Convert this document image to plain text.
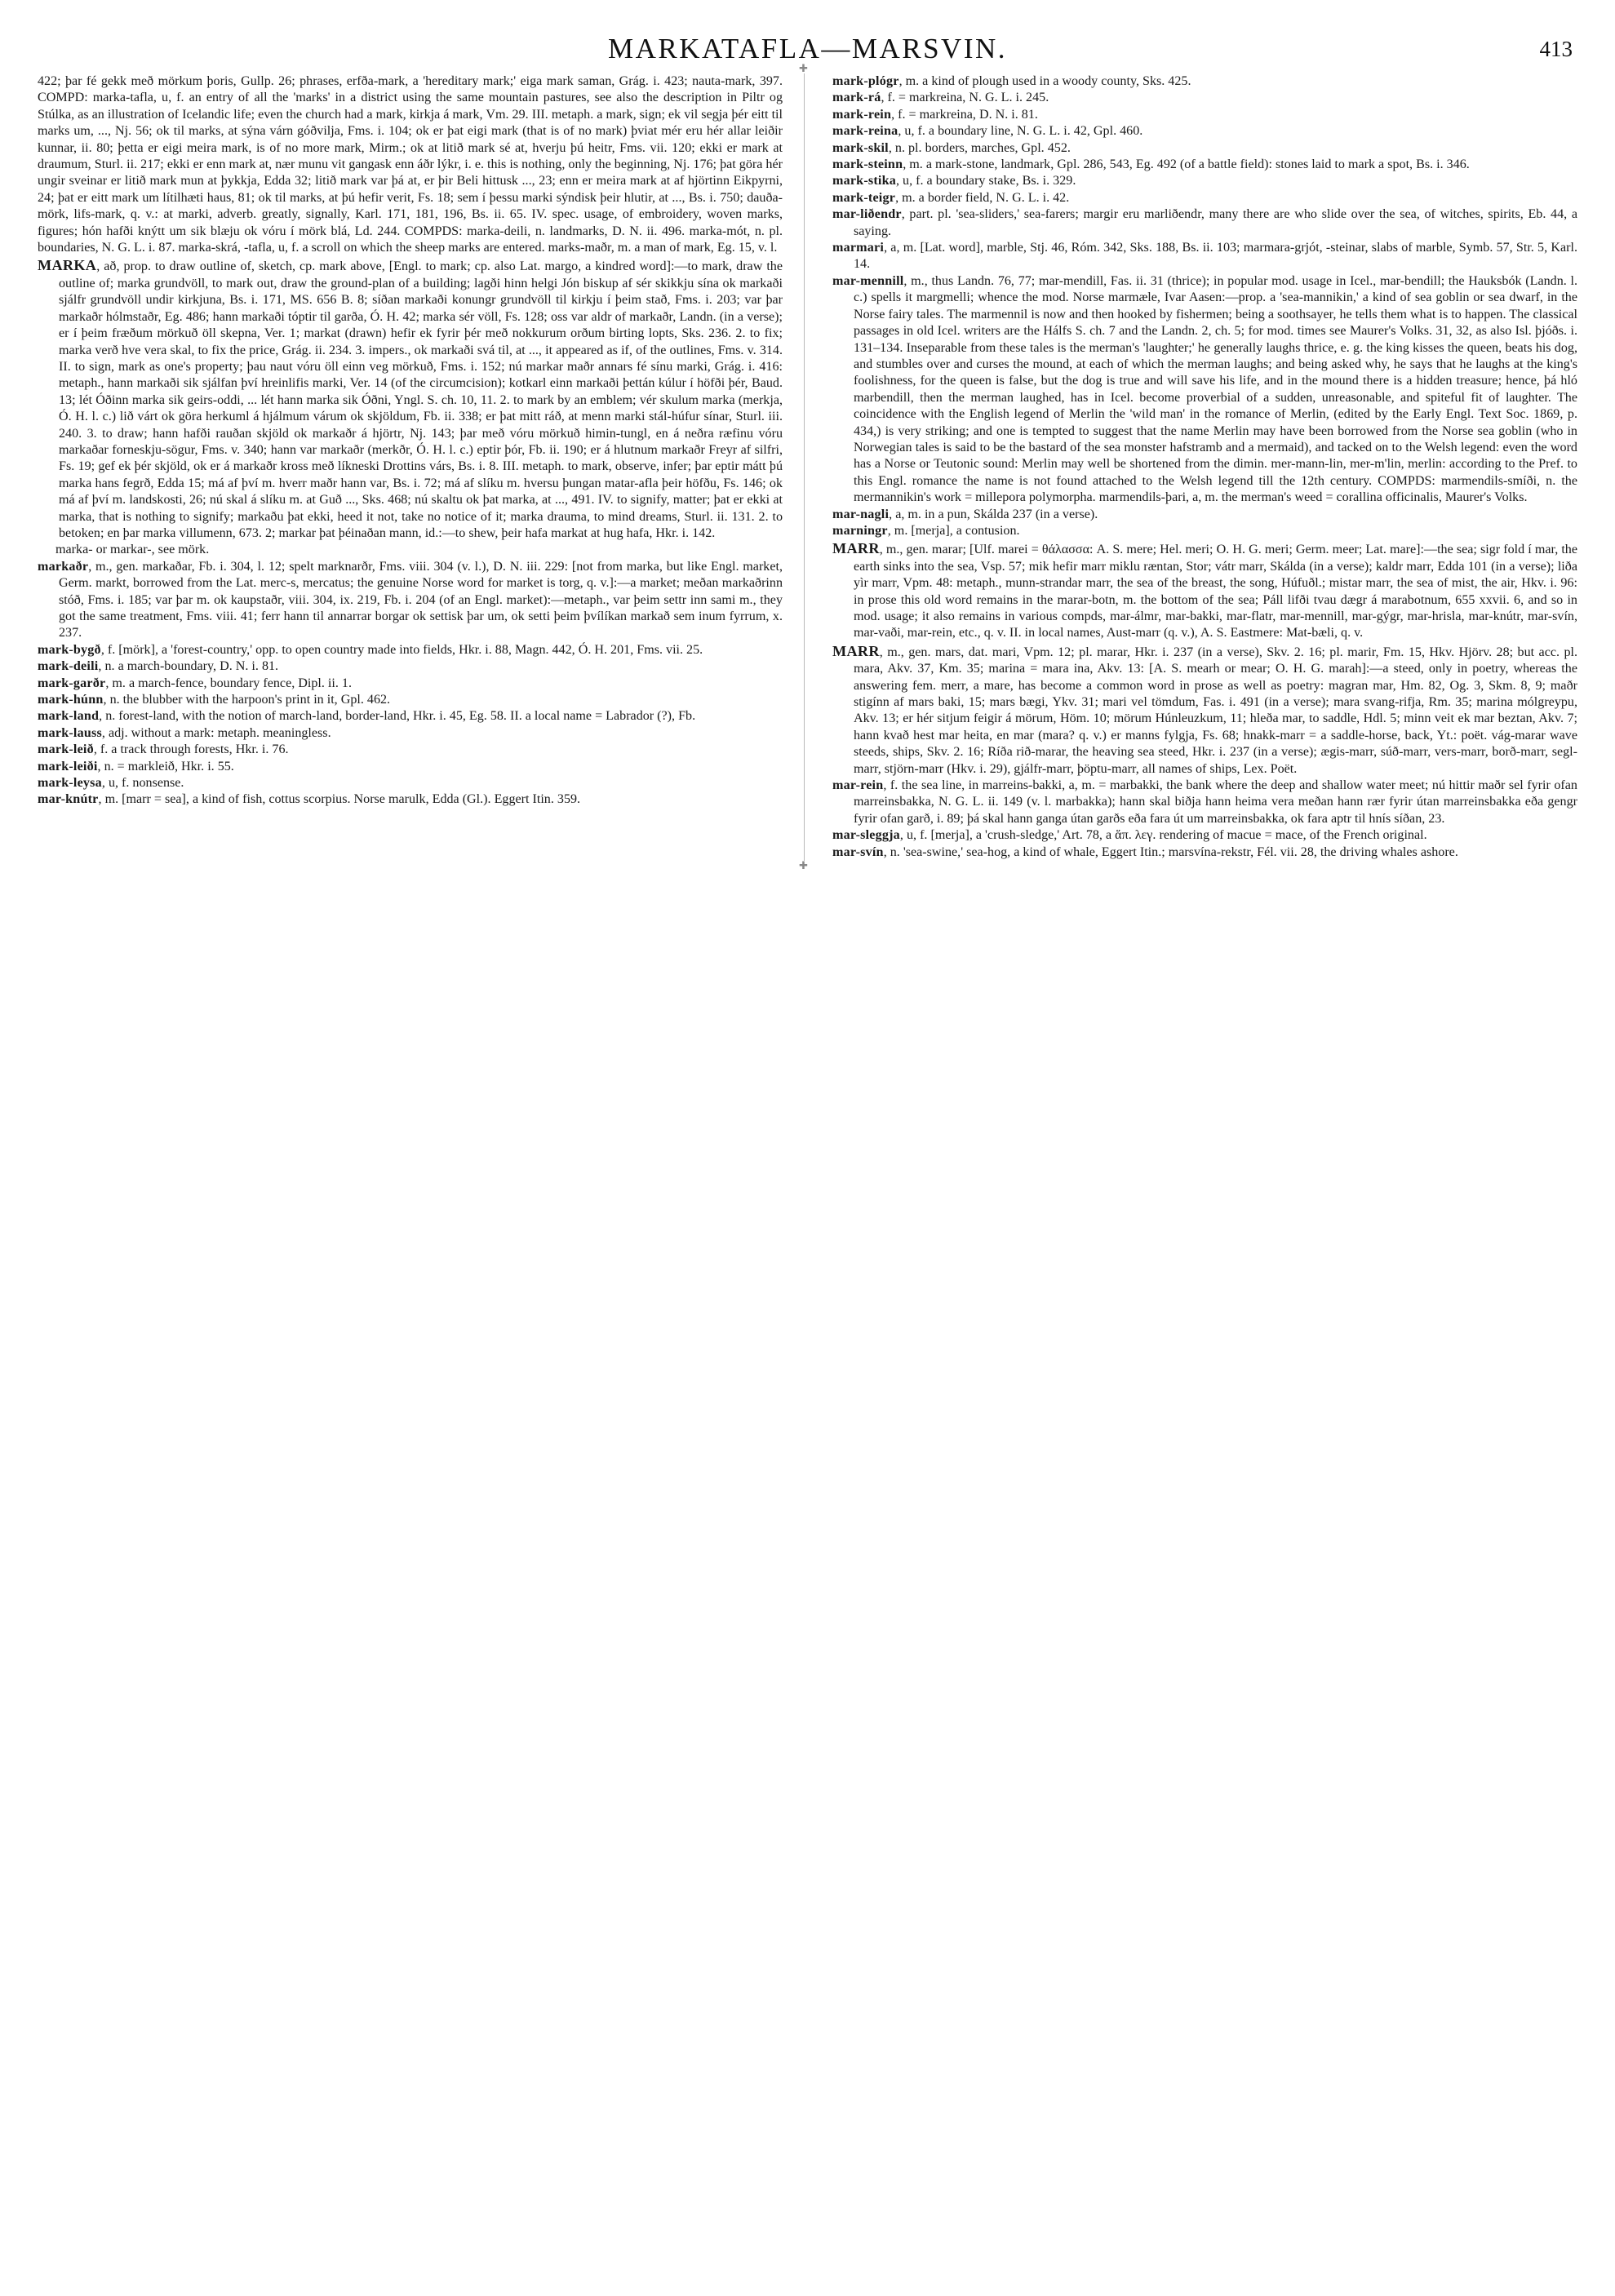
MARKATAFLA—MARSVIN.	413

422; þar fé gekk með mörkum þoris, Gullp. 26; phrases, erfða-mark, a 'hereditary mark;' eiga mark saman, Grág. i. 423; nauta-mark, 397. COMPD: marka-tafla, u, f. an entry of all the 'marks' in a district using the same mountain pastures, see also the description in Piltr og Stúlka, as an illustration of Icelandic life; even the church had a mark, kirkja á mark, Vm. 29. III. metaph. a mark, sign; ek vil segja þér eitt til marks um, ..., Nj. 56; ok til marks, at sýna várn góðvilja, Fms. i. 104; ok er þat eigi mark (that is of no mark) þviat mér eru hér allar leiðir kunnar, ii. 80; þetta er eigi meira mark, is of no more mark, Mirm.; ok at litið mark sé at, hverju þú heitr, Fms. vii. 120; ekki er mark at draumum, Sturl. ii. 217; ekki er enn mark at, nær munu vit gangask enn áðr lýkr, i. e. this is nothing, only the beginning, Nj. 176; þat göra hér ungir sveinar er litið mark mun at þykkja, Edda 32; litið mark var þá at, er þir Beli hittusk ..., 23; enn er meira mark at af hjörtinn Eikpyrni, 24; þat er eitt mark um lítilhæti haus, 81; ok til marks, at þú hefir verit, Fs. 18; sem í þessu marki sýndisk þeir hlutir, at ..., Bs. i. 750; dauða-mörk, lifs-mark, q. v.: at marki, adverb. greatly, signally, Karl. 171, 181, 196, Bs. ii. 65. IV. spec. usage, of embroidery, woven marks, figures; hón hafði knýtt um sik blæju ok vóru í mörk blá, Ld. 244. COMPDS: marka-deili, n. landmarks, D. N. ii. 496. marka-mót, n. pl. boundaries, N. G. L. i. 87. marka-skrá, -tafla, u, f. a scroll on which the sheep marks are entered. marks-maðr, m. a man of mark, Eg. 15, v. l.

MARKA, að, prop. to draw outline of, sketch, cp. mark above, [Engl. to mark; cp. also Lat. margo, a kindred word]:—to mark, draw the outline of; marka grundvöll, to mark out, draw the ground-plan of a building; lagði hinn helgi Jón biskup af sér skikkju sína ok markaði sjálfr grundvöll undir kirkjuna, Bs. i. 171, MS. 656 B. 8; síðan markaði konungr grundvöll til kirkju í þeim stað, Fms. i. 203; var þar markaðr hólmstaðr, Eg. 486; hann markaði tóptir til garða, Ó. H. 42; marka sér völl, Fs. 128; oss var aldr of markaðr, Landn. (in a verse); er í þeim fræðum mörkuð öll skepna, Ver. 1; markat (drawn) hefir ek fyrir þér með nokkurum orðum birting lopts, Sks. 236. 2. to fix; marka verð hve vera skal, to fix the price, Grág. ii. 234. 3. impers., ok markaði svá til, at ..., it appeared as if, of the outlines, Fms. v. 314. II. to sign, mark as one's property; þau naut vóru öll einn veg mörkuð, Fms. i. 152; nú markar maðr annars fé sínu marki, Grág. i. 416: metaph., hann markaði sik sjálfan því hreinlifis marki, Ver. 14 (of the circumcision); kotkarl einn markaði þettán kúlur í höfði þér, Baud. 13; lét Óðinn marka sik geirs-oddi, ... lét hann marka sik Óðni, Yngl. S. ch. 10, 11. 2. to mark by an emblem; vér skulum marka (merkja, Ó. H. l. c.) lið várt ok göra herkuml á hjálmum várum ok skjöldum, Fb. ii. 338; er þat mitt ráð, at menn marki stál-húfur sínar, Sturl. iii. 240. 3. to draw; hann hafði rauðan skjöld ok markaðr á hjörtr, Nj. 143; þar með vóru mörkuð himin-tungl, en á neðra ræfinu vóru markaðar forneskju-sögur, Fms. v. 340; hann var markaðr (merkðr, Ó. H. l. c.) eptir þór, Fb. ii. 190; er á hlutnum markaðr Freyr af silfri, Fs. 19; gef ek þér skjöld, ok er á markaðr kross með líkneski Drottins várs, Bs. i. 8. III. metaph. to mark, observe, infer; þar eptir mátt þú marka hans fegrð, Edda 15; má af því m. hverr maðr hann var, Bs. i. 72; má af slíku m. hversu þungan matar-afla þeir höfðu, Fs. 146; ok má af því m. landskosti, 26; nú skal á slíku m. at Guð ..., Sks. 468; nú skaltu ok þat marka, at ..., 491. IV. to signify, matter; þat er ekki at marka, that is nothing to signify; markaðu þat ekki, heed it not, take no notice of it; marka drauma, to mind dreams, Sturl. ii. 131. 2. to betoken; en þar marka villumenn, 673. 2; markar þat þéinaðan mann, id.:—to shew, þeir hafa markat at hug hafa, Hkr. i. 142.

marka- or markar-, see mörk.

markaðr, m., gen. markaðar, Fb. i. 304, l. 12; spelt marknarðr, Fms. viii. 304 (v. l.), D. N. iii. 229: [not from marka, but like Engl. market, Germ. markt, borrowed from the Lat. merc-s, mercatus; the genuine Norse word for market is torg, q. v.]:—a market; meðan markaðrinn stóð, Fms. i. 185; var þar m. ok kaupstaðr, viii. 304, ix. 219, Fb. i. 204 (of an Engl. market):—metaph., var þeim settr inn sami m., they got the same treatment, Fms. viii. 41; ferr hann til annarrar borgar ok settisk þar um, ok setti þeim þvílíkan markað sem inum fyrrum, x. 237.

mark-bygð, f. [mörk], a 'forest-country,' opp. to open country made into fields, Hkr. i. 88, Magn. 442, Ó. H. 201, Fms. vii. 25.

mark-deili, n. a march-boundary, D. N. i. 81.

mark-garðr, m. a march-fence, boundary fence, Dipl. ii. 1.

mark-húnn, n. the blubber with the harpoon's print in it, Gpl. 462.

mark-land, n. forest-land, with the notion of march-land, border-land, Hkr. i. 45, Eg. 58. II. a local name = Labrador (?), Fb.

mark-lauss, adj. without a mark: metaph. meaningless.

mark-leið, f. a track through forests, Hkr. i. 76.

mark-leiði, n. = markleið, Hkr. i. 55.

mark-leysa, u, f. nonsense.

mar-knútr, m. [marr = sea], a kind of fish, cottus scorpius. Norse marulk, Edda (Gl.). Eggert Itin. 359.

✚ ✚

mark-plógr, m. a kind of plough used in a woody county, Sks. 425.

mark-rá, f. = markreina, N. G. L. i. 245.

mark-rein, f. = markreina, D. N. i. 81.

mark-reina, u, f. a boundary line, N. G. L. i. 42, Gpl. 460.

mark-skil, n. pl. borders, marches, Gpl. 452.

mark-steinn, m. a mark-stone, landmark, Gpl. 286, 543, Eg. 492 (of a battle field): stones laid to mark a spot, Bs. i. 346.

mark-stika, u, f. a boundary stake, Bs. i. 329.

mark-teigr, m. a border field, N. G. L. i. 42.

mar-liðendr, part. pl. 'sea-sliders,' sea-farers; margir eru marliðendr, many there are who slide over the sea, of witches, spirits, Eb. 44, a saying.

marmari, a, m. [Lat. word], marble, Stj. 46, Róm. 342, Sks. 188, Bs. ii. 103; marmara-grjót, -steinar, slabs of marble, Symb. 57, Str. 5, Karl. 14.

mar-mennill, m., thus Landn. 76, 77; mar-mendill, Fas. ii. 31 (thrice); in popular mod. usage in Icel., mar-bendill; the Hauksbók (Landn. l. c.) spells it margmelli; whence the mod. Norse marmæle, Ivar Aasen:—prop. a 'sea-mannikin,' a kind of sea goblin or sea dwarf, in the Norse fairy tales. The marmennil is now and then hooked by fishermen; being a soothsayer, he tells them what is to happen. The classical passages in old Icel. writers are the Hálfs S. ch. 7 and the Landn. 2, ch. 5; for mod. times see Maurer's Volks. 31, 32, as also Isl. þjóðs. i. 131–134. Inseparable from these tales is the merman's 'laughter;' he generally laughs thrice, e. g. the king kisses the queen, beats his dog, and stumbles over and curses the mound, at each of which the merman laughs; and being asked why, he says that he laughs at the king's foolishness, for the queen is false, but the dog is true and will save his life, and in the mound there is a hidden treasure; hence, þá hló marbendill, then the merman laughed, has in Icel. become proverbial of a sudden, unreasonable, and spiteful fit of laughter. The coincidence with the English legend of Merlin the 'wild man' in the romance of Merlin, (edited by the Early Engl. Text Soc. 1869, p. 434,) is very striking; and one is tempted to suggest that the name Merlin may have been borrowed from the Norse sea goblin (who in Norwegian tales is said to be the bastard of the sea monster hafstramb and a mermaid), and tacked on to the Welsh legend: even the word has a Norse or Teutonic sound: Merlin may well be shortened from the dimin. mer-mann-lin, mer-m'lin, merlin: according to the Pref. to this Engl. romance the name is not found attached to the Welsh legend till the 12th century. COMPDS: marmendils-smíði, n. the mermannikin's work = millepora polymorpha. marmendils-þari, a, m. the merman's weed = corallina officinalis, Maurer's Volks.

mar-nagli, a, m. in a pun, Skálda 237 (in a verse).

marningr, m. [merja], a contusion.

MARR, m., gen. marar; [Ulf. marei = θάλασσα: A. S. mere; Hel. meri; O. H. G. meri; Germ. meer; Lat. mare]:—the sea; sigr fold í mar, the earth sinks into the sea, Vsp. 57; mik hefir marr miklu ræntan, Stor; vátr marr, Skálda (in a verse); kaldr marr, Edda 101 (in a verse); liða yìr marr, Vpm. 48: metaph., munn-strandar marr, the sea of the breast, the song, Húfuðl.; mistar marr, the sea of mist, the air, Hkv. i. 96: in prose this old word remains in the marar-botn, m. the bottom of the sea; Páll lifði tvau dægr á marabotnum, 655 xxvii. 6, and so in mod. usage; it also remains in various compds, mar-álmr, mar-bakki, mar-flatr, mar-mennill, mar-gýgr, mar-hrisla, mar-knútr, mar-svín, mar-vaði, mar-rein, etc., q. v. II. in local names, Aust-marr (q. v.), A. S. Eastmere: Mat-bæli, q. v.

MARR, m., gen. mars, dat. mari, Vpm. 12; pl. marar, Hkr. i. 237 (in a verse), Skv. 2. 16; pl. marir, Fm. 15, Hkv. Hjörv. 28; but acc. pl. mara, Akv. 37, Km. 35; marina = mara ina, Akv. 13: [A. S. mearh or mear; O. H. G. marah]:—a steed, only in poetry, whereas the answering fem. merr, a mare, has become a common word in prose as well as poetry: magran mar, Hm. 82, Og. 3, Skm. 8, 9; maðr stigínn af mars baki, 15; mars bægi, Ykv. 31; mari vel tömdum, Fas. i. 491 (in a verse); mara svang-rifja, Rm. 35; marina mólgreypu, Akv. 13; er hér sitjum feigir á mörum, Höm. 10; mörum Húnleuzkum, 11; hleða mar, to saddle, Hdl. 5; minn veit ek mar beztan, Akv. 7; hann kvað hest mar heita, en mar (mara? q. v.) er manns fylgja, Fs. 68; hnakk-marr = a saddle-horse, back, Yt.: poët. vág-marar wave steeds, ships, Skv. 2. 16; Ríða rið-marar, the heaving sea steed, Hkr. i. 237 (in a verse); ægis-marr, súð-marr, vers-marr, borð-marr, segl-marr, stjörn-marr (Hkv. i. 29), gjálfr-marr, þöptu-marr, all names of ships, Lex. Poët.

mar-rein, f. the sea line, in marreins-bakki, a, m. = marbakki, the bank where the deep and shallow water meet; nú hittir maðr sel fyrir ofan marreinsbakka, N. G. L. ii. 149 (v. l. marbakka); hann skal biðja hann heima vera meðan hann rær fyrir útan marreinsbakka eða gengr fyrir ofan garð, i. 89; þá skal hann ganga útan garðs eða fara út um marreinsbakka, ok fara aptr til hnís síðan, 23.

mar-sleggja, u, f. [merja], a 'crush-sledge,' Art. 78, a ἅπ. λεγ. rendering of macue = mace, of the French original.

mar-svín, n. 'sea-swine,' sea-hog, a kind of whale, Eggert Itin.; marsvína-rekstr, Fél. vii. 28, the driving whales ashore.
